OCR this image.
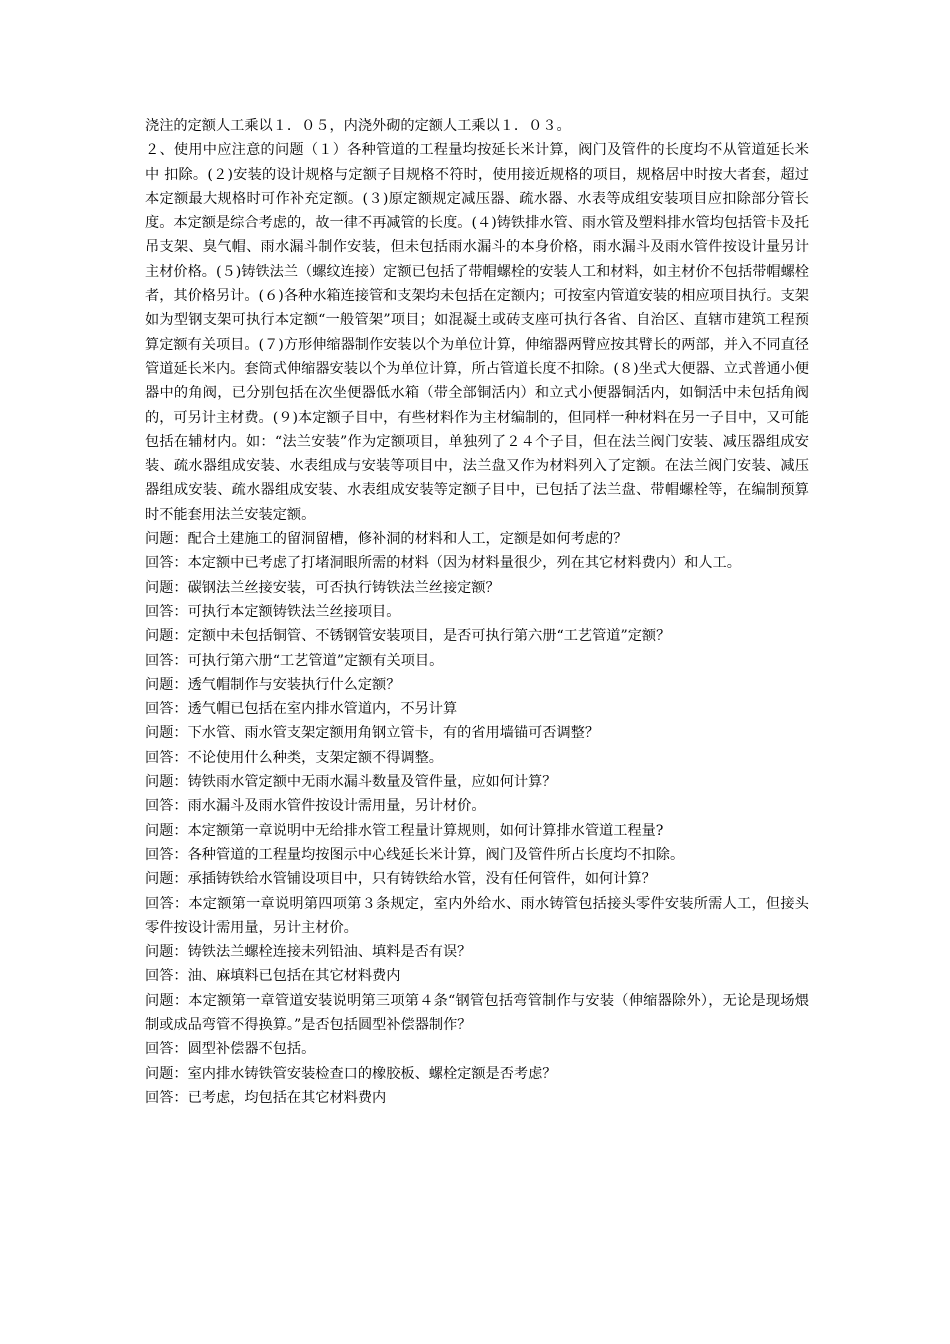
浇注的定额人工乘以１．０５，内浇外砌的定额人工乘以１．０３。

２、使用中应注意的问题（１）各种管道的工程量均按延长米计算，阀门及管件的长度均不从管道延长米中 扣除。(２)安装的设计规格与定额子目规格不符时，使用接近规格的项目，规格居中时按大者套，超过本定额最大规格时可作补充定额。(３)原定额规定减压器、疏水器、水表等成组安装项目应扣除部分管长度。本定额是综合考虑的，故一律不再减管的长度。(４)铸铁排水管、雨水管及塑料排水管均包括管卡及托吊支架、臭气帽、雨水漏斗制作安装，但未包括雨水漏斗的本身价格，雨水漏斗及雨水管件按设计量另计主材价格。(５)铸铁法兰（螺纹连接）定额已包括了带帽螺栓的安装人工和材料，如主材价不包括带帽螺栓者，其价格另计。(６)各种水箱连接管和支架均未包括在定额内；可按室内管道安装的相应项目执行。支架如为型钢支架可执行本定额“一般管架”项目；如混凝土或砖支座可执行各省、自治区、直辖市建筑工程预算定额有关项目。(７)方形伸缩器制作安装以个为单位计算，伸缩器两臂应按其臂长的两部，并入不同直径管道延长米内。套筒式伸缩器安装以个为单位计算，所占管道长度不扣除。(８)坐式大便器、立式普通小便器中的角阀，已分别包括在次坐便器低水箱（带全部铜活内）和立式小便器铜活内，如铜活中未包括角阀的，可另计主材费。(９)本定额子目中，有些材料作为主材编制的，但同样一种材料在另一子目中，又可能包括在辅材内。如：“法兰安装”作为定额项目，单独列了２４个子目，但在法兰阀门安装、减压器组成安装、疏水器组成安装、水表组成与安装等项目中，法兰盘又作为材料列入了定额。在法兰阀门安装、减压器组成安装、疏水器组成安装、水表组成安装等定额子目中，已包括了法兰盘、带帽螺栓等，在编制预算时不能套用法兰安装定额。

问题：配合土建施工的留洞留槽，修补洞的材料和人工，定额是如何考虑的？

回答：本定额中已考虑了打堵洞眼所需的材料（因为材料量很少，列在其它材料费内）和人工。

问题：碳钢法兰丝接安装，可否执行铸铁法兰丝接定额？

回答：可执行本定额铸铁法兰丝接项目。

问题：定额中未包括铜管、不锈钢管安装项目，是否可执行第六册“工艺管道”定额？

回答：可执行第六册“工艺管道”定额有关项目。

问题：透气帽制作与安装执行什么定额？

回答：透气帽已包括在室内排水管道内，不另计算

问题：下水管、雨水管支架定额用角钢立管卡，有的省用墙锚可否调整？

回答：不论使用什么种类，支架定额不得调整。

问题：铸铁雨水管定额中无雨水漏斗数量及管件量，应如何计算？

回答：雨水漏斗及雨水管件按设计需用量，另计材价。

问题：本定额第一章说明中无给排水管工程量计算规则，如何计算排水管道工程量?

回答：各种管道的工程量均按图示中心线延长米计算，阀门及管件所占长度均不扣除。

问题：承插铸铁给水管铺设项目中，只有铸铁给水管，没有任何管件，如何计算？

回答：本定额第一章说明第四项第３条规定，室内外给水、雨水铸管包括接头零件安装所需人工，但接头零件按设计需用量，另计主材价。

问题：铸铁法兰螺栓连接未列铅油、填料是否有误？

回答：油、麻填料已包括在其它材料费内

问题：本定额第一章管道安装说明第三项第４条“钢管包括弯管制作与安装（伸缩器除外），无论是现场煨制或成品弯管不得换算。”是否包括圆型补偿器制作？

回答：圆型补偿器不包括。

问题：室内排水铸铁管安装检查口的橡胶板、螺栓定额是否考虑？

回答：已考虑，均包括在其它材料费内
